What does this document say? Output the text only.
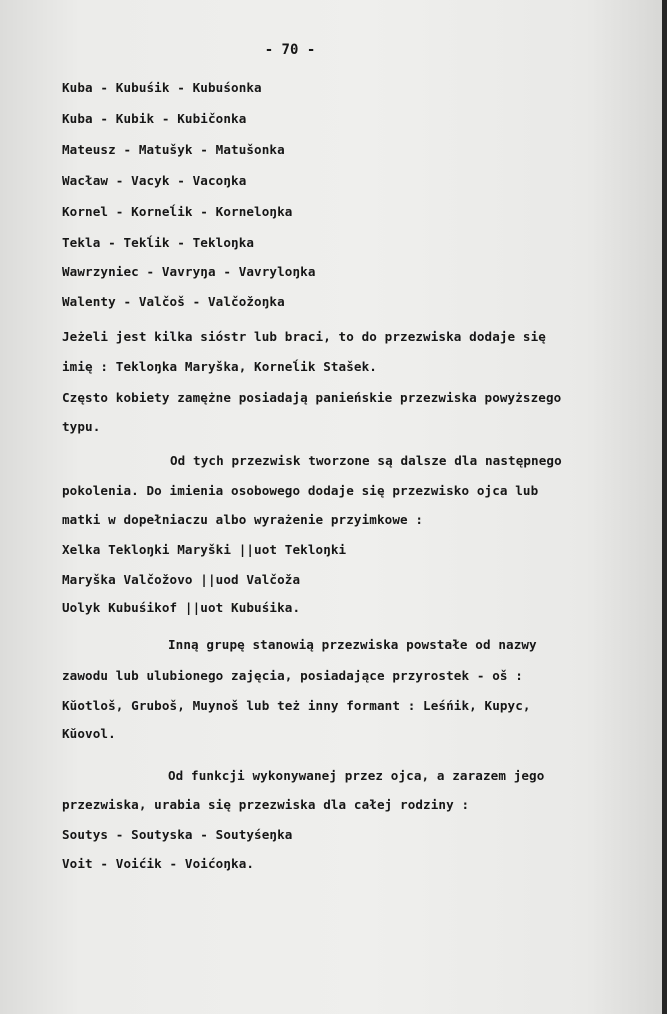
- 70 -
Kuba - Kubuśik - Kubuśonka
Kuba - Kubik - Kubičonka
Mateusz - Matušyk - Matušonka
Wacław - Vacyk - Vacoŋka
Kornel - Korneĺik - Korneloŋka
Tekla - Tekĺik - Tekloŋka
Wawrzyniec - Vavryŋa - Vavryloŋka
Walenty - Valčoš - Valčožoŋka
Jeżeli jest kilka sióstr lub braci, to do przezwiska dodaje się
imię : Tekloŋka Maryška, Korneĺik Stašek.
Często kobiety zamężne posiadają panieńskie przezwiska powyższego
typu.
Od tych przezwisk tworzone są dalsze dla następnego
pokolenia. Do imienia osobowego dodaje się przezwisko ojca lub
matki w dopełniaczu albo wyrażenie przyimkowe :
Xelka Tekloŋki Maryški ||uot Tekloŋki
Maryška Valčožovo ||uod Valčoža
Uolyk Kubuśikof ||uot Kubuśika.
Inną grupę stanowią przezwiska powstałe od nazwy
zawodu lub ulubionego zajęcia, posiadające przyrostek - oš :
Kŭotloš, Gruboš, Muynoš lub też inny formant : Leśńik, Kupyc,
Kŭovol.
Od funkcji wykonywanej przez ojca, a zarazem jego
przezwiska, urabia się przezwiska dla całej rodziny :
Soutys - Soutyska - Soutyśeŋka
Voit - Voićik - Voićoŋka.
